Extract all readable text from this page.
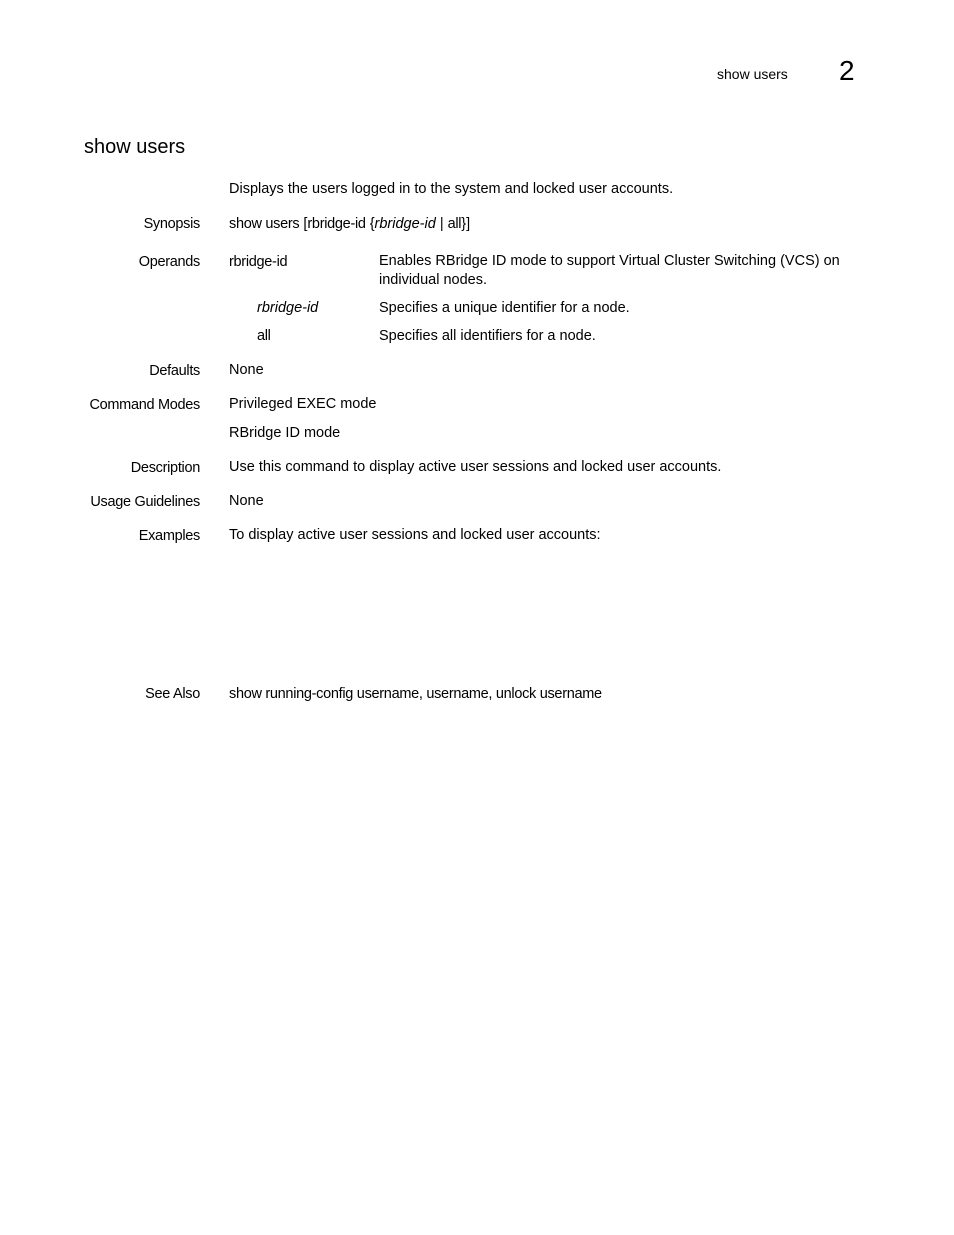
show users 2
show users
Displays the users logged in to the system and locked user accounts.
Synopsis show users [rbridge-id {rbridge-id | all}]
Operands rbridge-id	Enables RBridge ID mode to support Virtual Cluster Switching (VCS) on individual nodes.
rbridge-id	Specifies a unique identifier for a node.
all	Specifies all identifiers for a node.
Defaults None
Command Modes Privileged EXEC mode
RBridge ID mode
Description Use this command to display active user sessions and locked user accounts.
Usage Guidelines None
Examples To display active user sessions and locked user accounts:
See Also show running-config username, username, unlock username
